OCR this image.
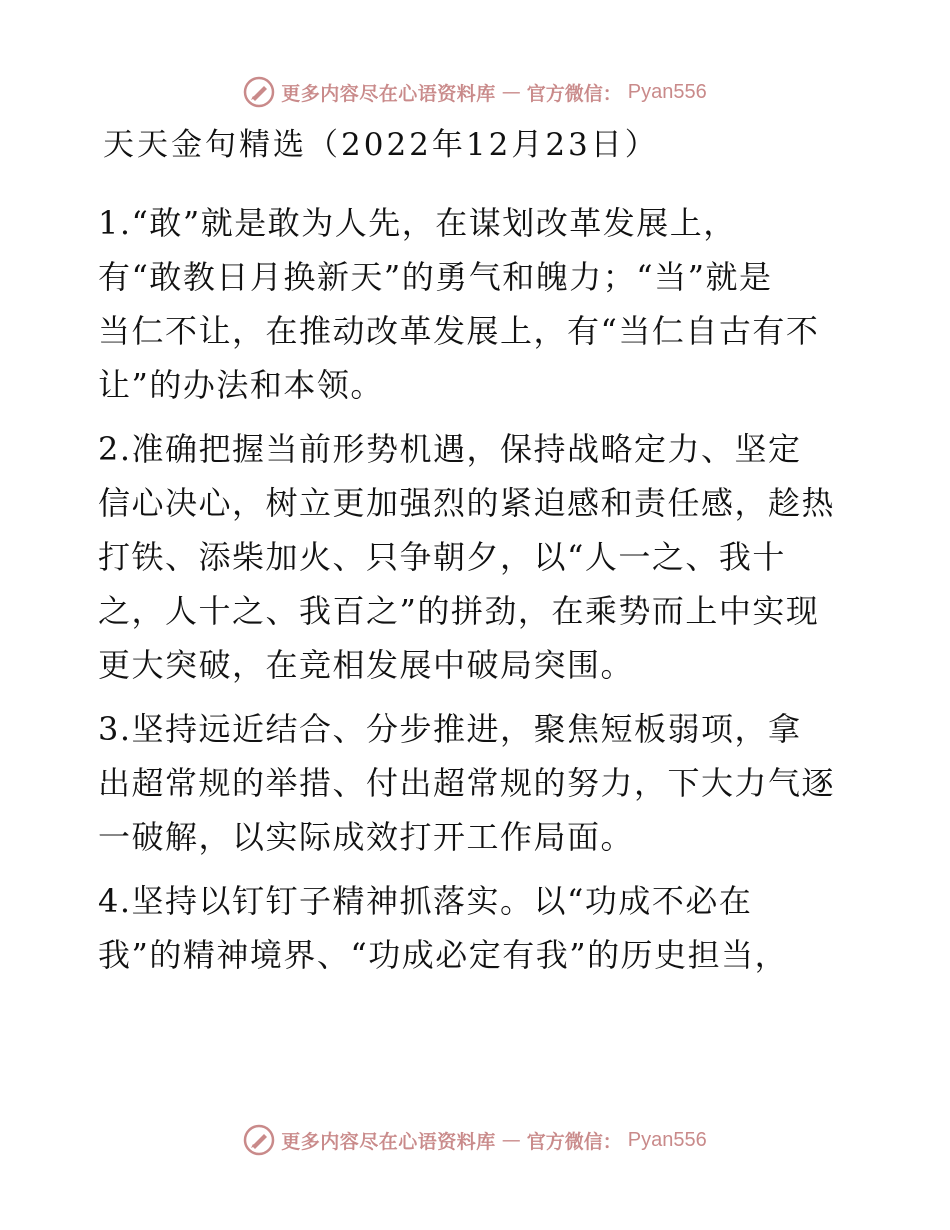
更多内容尽在心语资料库 — 官方微信： Pyan556
天天金句精选（2022年12月23日）
1.“敢”就是敢为人先，在谋划改革发展上，
有“敢教日月换新天”的勇气和魄力；“当”就是
当仁不让，在推动改革发展上，有“当仁自古有不
让”的办法和本领。
2.准确把握当前形势机遇，保持战略定力、坚定
信心决心，树立更加强烈的紧迫感和责任感，趁热
打铁、添柴加火、只争朝夕，以“人一之、我十
之，人十之、我百之”的拼劲，在乘势而上中实现
更大突破，在竞相发展中破局突围。
3.坚持远近结合、分步推进，聚焦短板弱项，拿
出超常规的举措、付出超常规的努力，下大力气逐
一破解，以实际成效打开工作局面。
4.坚持以钉钉子精神抓落实。以“功成不必在
我”的精神境界、“功成必定有我”的历史担当，
更多内容尽在心语资料库 — 官方微信： Pyan556
